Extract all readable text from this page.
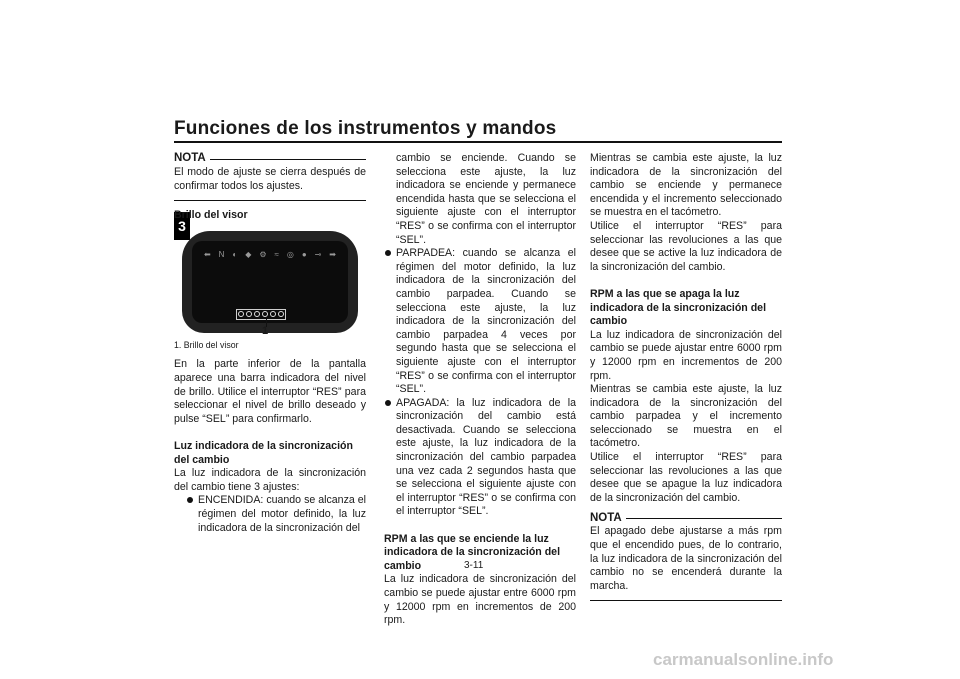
Funciones de los instrumentos y mandos
3
NOTA

El modo de ajuste se cierra después de confirmar todos los ajustes.

Brillo del visor

⬅ N ◐ ◆ ⚙ ≈ ◎ ● ⊸ ➡
1

1. Brillo del visor

En la parte inferior de la pantalla aparece una barra indicadora del nivel de brillo. Utilice el interruptor “RES” para seleccionar el nivel de brillo deseado y pulse “SEL” para confirmarlo.

Luz indicadora de la sincronización del cambio

La luz indicadora de la sincronización del cambio tiene 3 ajustes:

ENCENDIDA: cuando se alcanza el régimen del motor definido, la luz indicadora de la sincronización del

cambio se enciende. Cuando se selecciona este ajuste, la luz indicadora se enciende y permanece encendida hasta que se selecciona el siguiente ajuste con el interruptor “RES” o se confirma con el interruptor “SEL”.

PARPADEA: cuando se alcanza el régimen del motor definido, la luz indicadora de la sincronización del cambio parpadea. Cuando se selecciona este ajuste, la luz indicadora de la sincronización del cambio parpadea 4 veces por segundo hasta que se selecciona el siguiente ajuste con el interruptor “RES” o se confirma con el interruptor “SEL”.

APAGADA: la luz indicadora de la sincronización del cambio está desactivada. Cuando se selecciona este ajuste, la luz indicadora de la sincronización del cambio parpadea una vez cada 2 segundos hasta que se selecciona el siguiente ajuste con el interruptor “RES” o se confirma con el interruptor “SEL”.

RPM a las que se enciende la luz indicadora de la sincronización del cambio

La luz indicadora de sincronización del cambio se puede ajustar entre 6000 rpm y 12000 rpm en incrementos de 200 rpm.

Mientras se cambia este ajuste, la luz indicadora de la sincronización del cambio se enciende y permanece encendida y el incremento seleccionado se muestra en el tacómetro.

Utilice el interruptor “RES” para seleccionar las revoluciones a las que desee que se active la luz indicadora de la sincronización del cambio.

RPM a las que se apaga la luz indicadora de la sincronización del cambio

La luz indicadora de sincronización del cambio se puede ajustar entre 6000 rpm y 12000 rpm en incrementos de 200 rpm.

Mientras se cambia este ajuste, la luz indicadora de la sincronización del cambio parpadea y el incremento seleccionado se muestra en el tacómetro.

Utilice el interruptor “RES” para seleccionar las revoluciones a las que desee que se apague la luz indicadora de la sincronización del cambio.

NOTA

El apagado debe ajustarse a más rpm que el encendido pues, de lo contrario, la luz indicadora de la sincronización del cambio no se encenderá durante la marcha.

3-11
carmanualsonline.info
